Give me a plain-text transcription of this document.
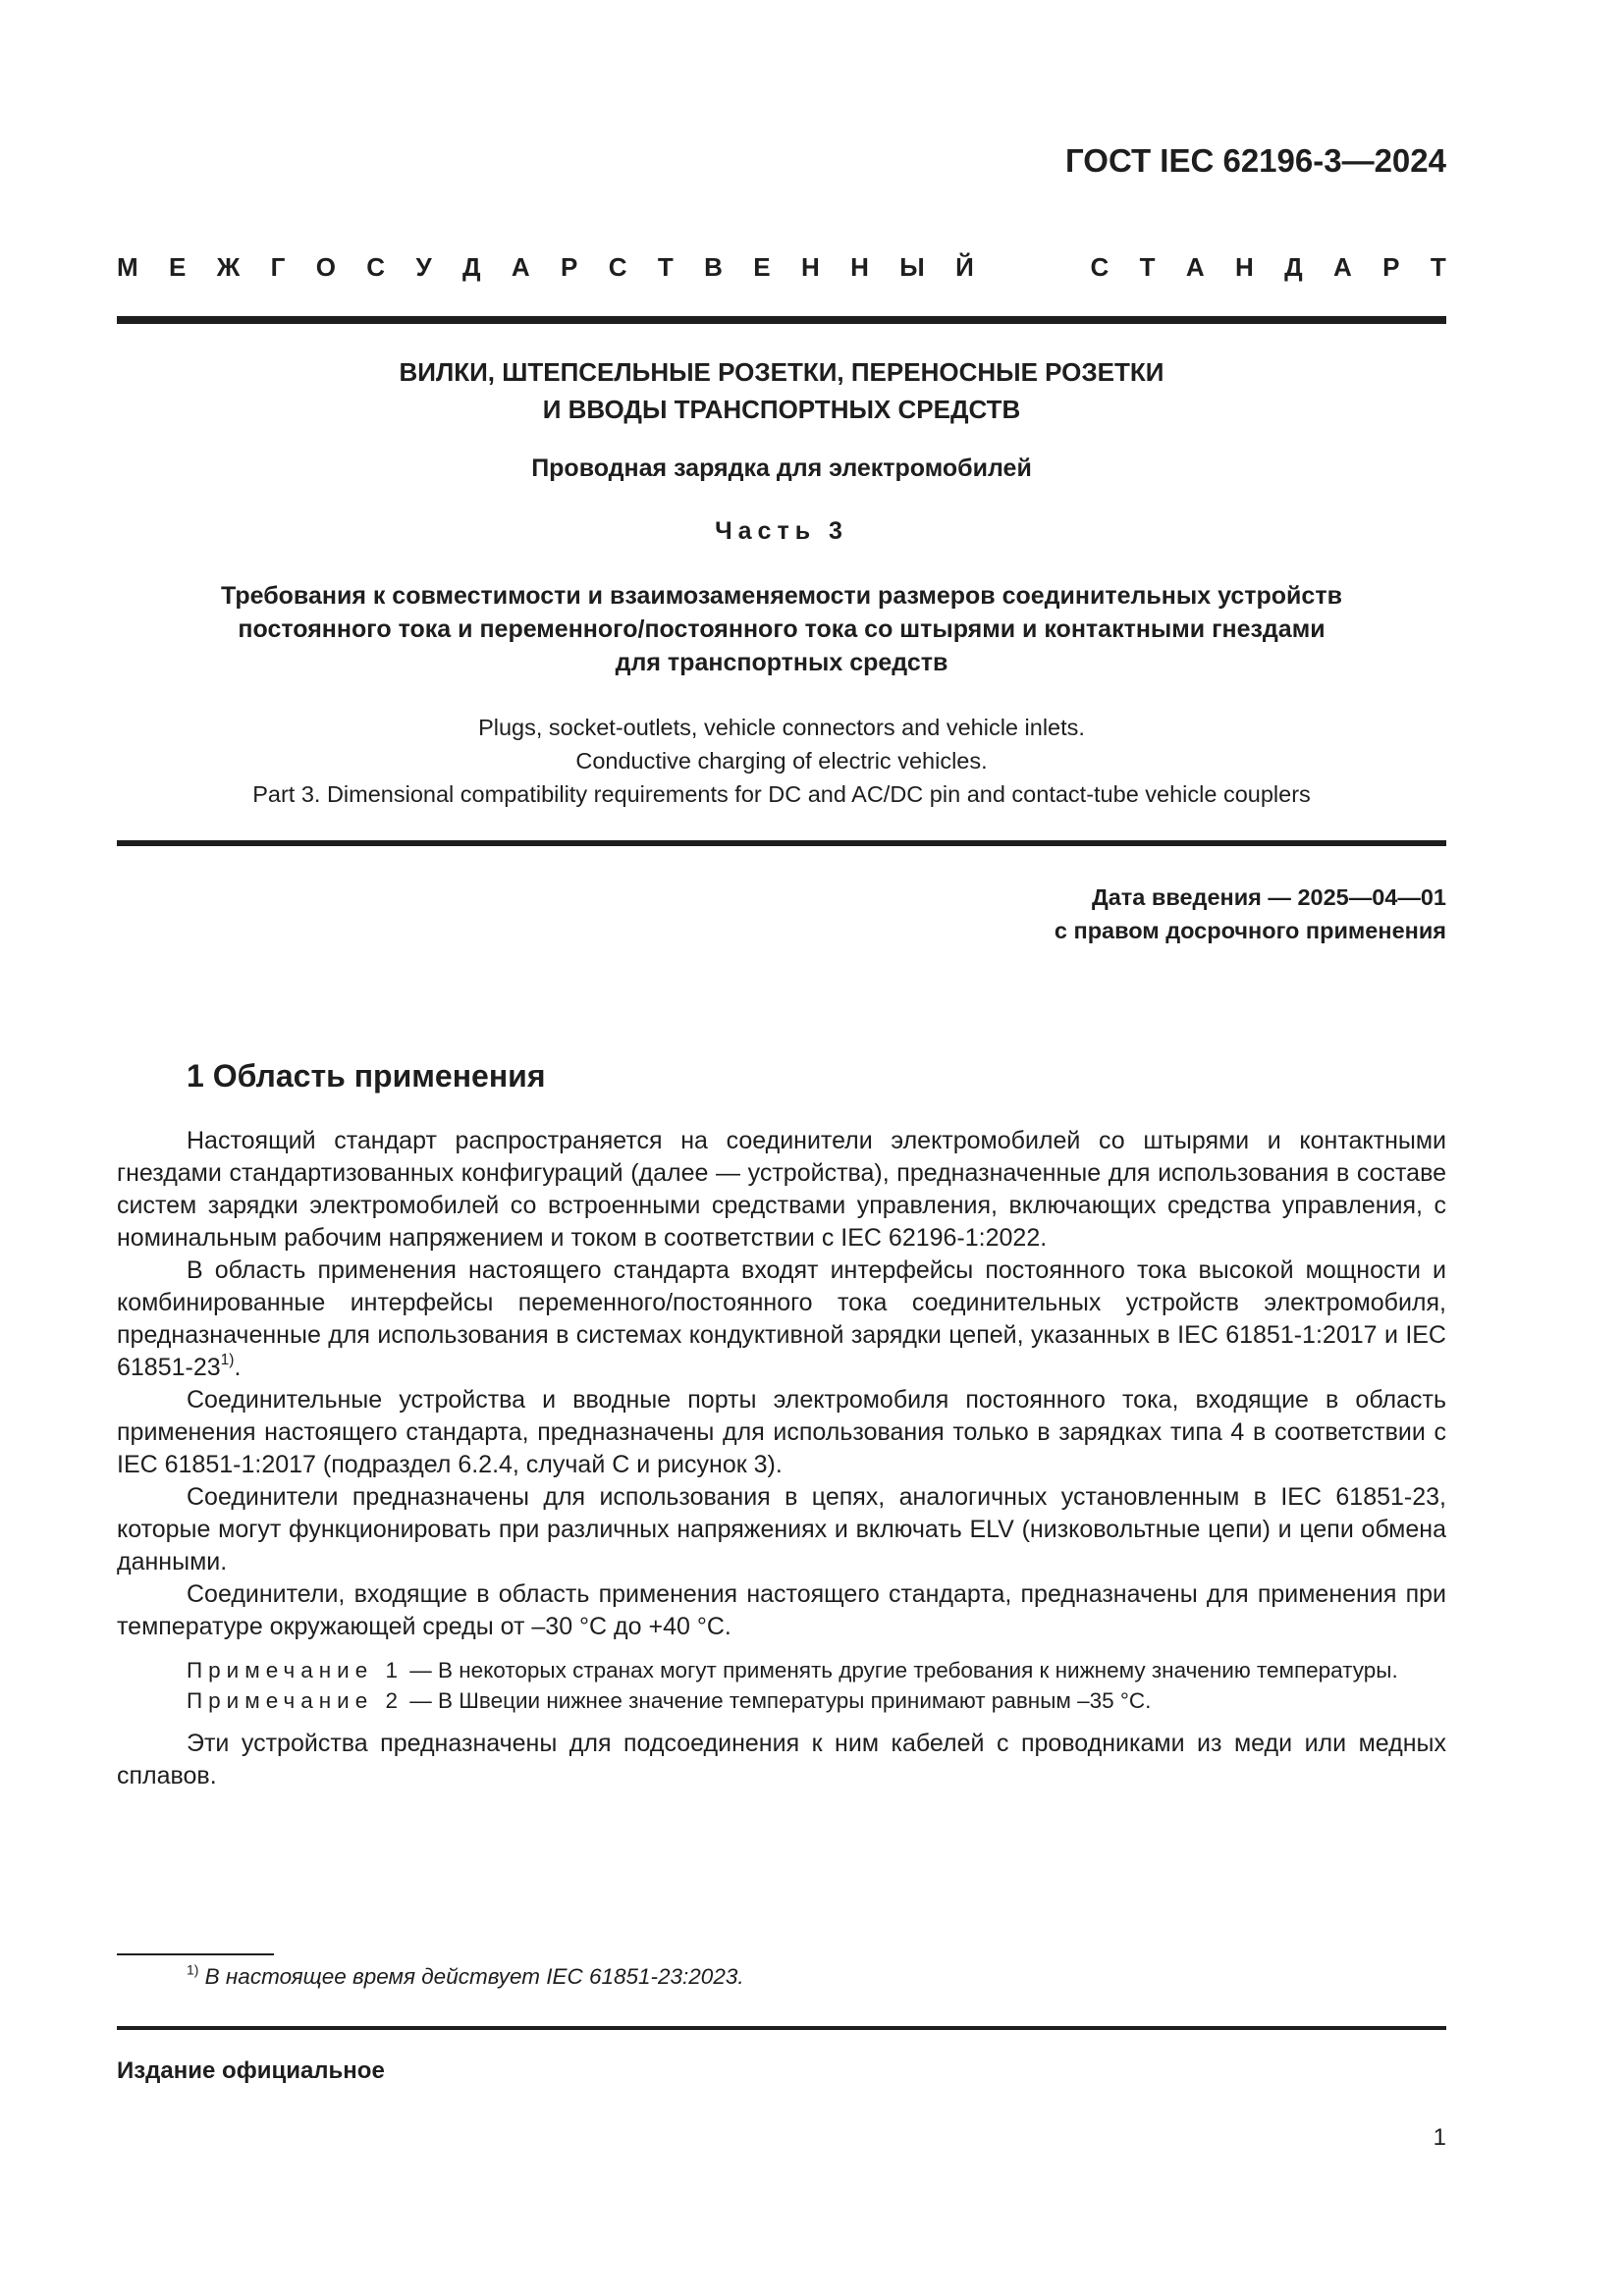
ГОСТ IEC 62196-3—2024
М Е Ж Г О С У Д А Р С Т В Е Н Н Ы Й	С Т А Н Д А Р Т
ВИЛКИ, ШТЕПСЕЛЬНЫЕ РОЗЕТКИ, ПЕРЕНОСНЫЕ РОЗЕТКИ
И ВВОДЫ ТРАНСПОРТНЫХ СРЕДСТВ
Проводная зарядка для электромобилей
Часть 3
Требования к совместимости и взаимозаменяемости размеров соединительных устройств
постоянного тока и переменного/постоянного тока со штырями и контактными гнездами
для транспортных средств
Plugs, socket-outlets, vehicle connectors and vehicle inlets.
Conductive charging of electric vehicles.
Part 3. Dimensional compatibility requirements for DC and AC/DC pin and contact-tube vehicle couplers
Дата введения — 2025—04—01
с правом досрочного применения
1 Область применения

Настоящий стандарт распространяется на соединители электромобилей со штырями и контактными гнездами стандартизованных конфигураций (далее — устройства), предназначенные для использования в составе систем зарядки электромобилей со встроенными средствами управления, включающих средства управления, с номинальным рабочим напряжением и током в соответствии с IEC 62196-1:2022.

В область применения настоящего стандарта входят интерфейсы постоянного тока высокой мощности и комбинированные интерфейсы переменного/постоянного тока соединительных устройств электромобиля, предназначенные для использования в системах кондуктивной зарядки цепей, указанных в IEC 61851-1:2017 и IEC 61851-23$^{1)}$.

Соединительные устройства и вводные порты электромобиля постоянного тока, входящие в область применения настоящего стандарта, предназначены для использования только в зарядках типа 4 в соответствии с IEC 61851-1:2017 (подраздел 6.2.4, случай С и рисунок 3).

Соединители предназначены для использования в цепях, аналогичных установленным в IEC 61851-23, которые могут функционировать при различных напряжениях и включать ELV (низковольтные цепи) и цепи обмена данными.

Соединители, входящие в область применения настоящего стандарта, предназначены для применения при температуре окружающей среды от –30 °С до +40 °С.

Примечание 1 — В некоторых странах могут применять другие требования к нижнему значению температуры.

Примечание 2 — В Швеции нижнее значение температуры принимают равным –35 °С.

Эти устройства предназначены для подсоединения к ним кабелей с проводниками из меди или медных сплавов.

$^{1)}$ В настоящее время действует IEC 61851-23:2023.
Издание официальное
1
